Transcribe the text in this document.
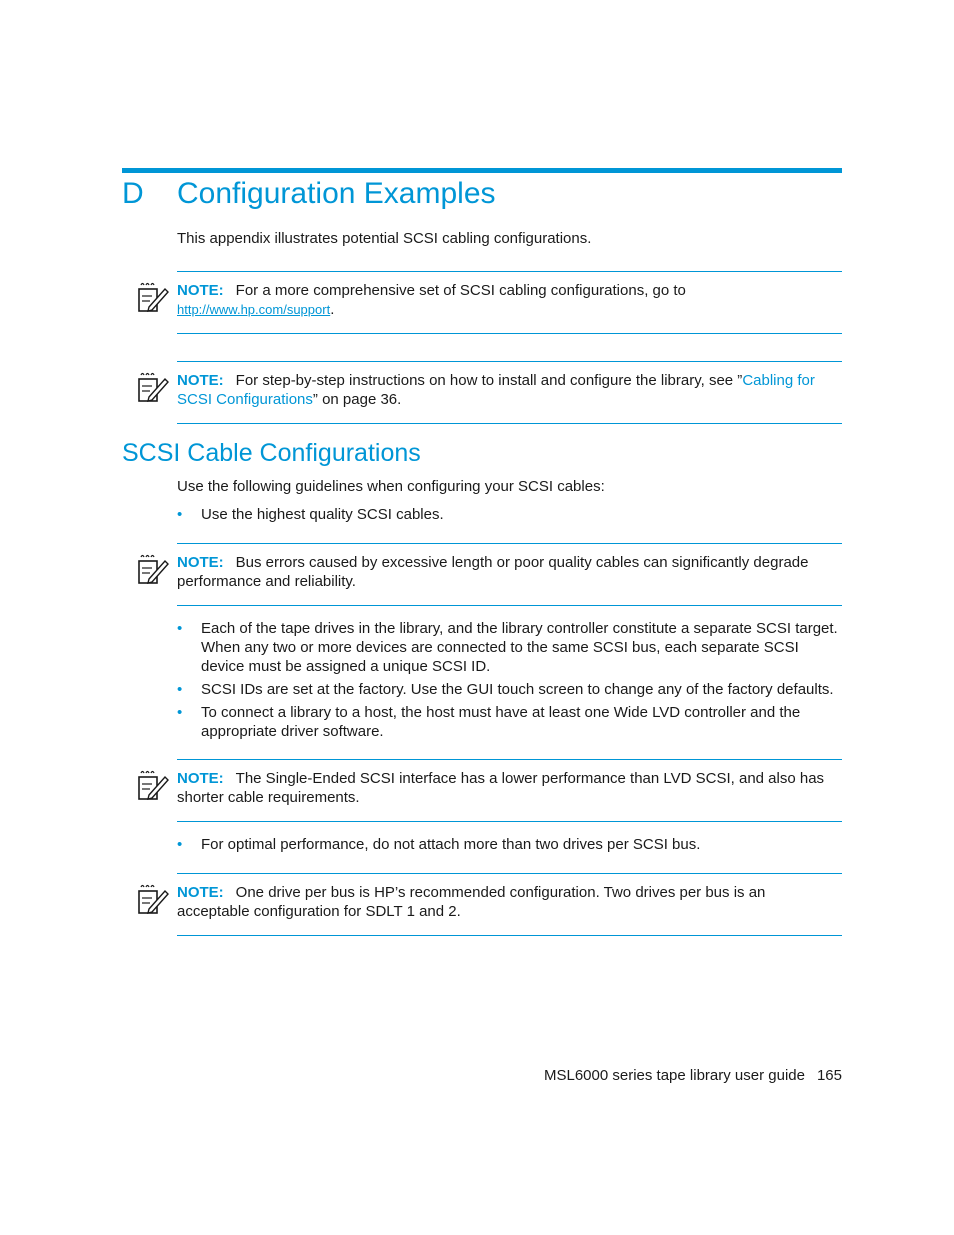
D Configuration Examples
This appendix illustrates potential SCSI cabling configurations.
NOTE: For a more comprehensive set of SCSI cabling configurations, go to
http://www.hp.com/support.
NOTE: For step-by-step instructions on how to install and configure the library, see ”Cabling for SCSI Configurations” on page 36.
SCSI Cable Configurations
Use the following guidelines when configuring your SCSI cables:
• Use the highest quality SCSI cables.
NOTE: Bus errors caused by excessive length or poor quality cables can significantly degrade performance and reliability.
• Each of the tape drives in the library, and the library controller constitute a separate SCSI target. When any two or more devices are connected to the same SCSI bus, each separate SCSI device must be assigned a unique SCSI ID.
• SCSI IDs are set at the factory. Use the GUI touch screen to change any of the factory defaults.
• To connect a library to a host, the host must have at least one Wide LVD controller and the appropriate driver software.
NOTE: The Single-Ended SCSI interface has a lower performance than LVD SCSI, and also has shorter cable requirements.
• For optimal performance, do not attach more than two drives per SCSI bus.
NOTE: One drive per bus is HP’s recommended configuration. Two drives per bus is an acceptable configuration for SDLT 1 and 2.
MSL6000 series tape library user guide 165
